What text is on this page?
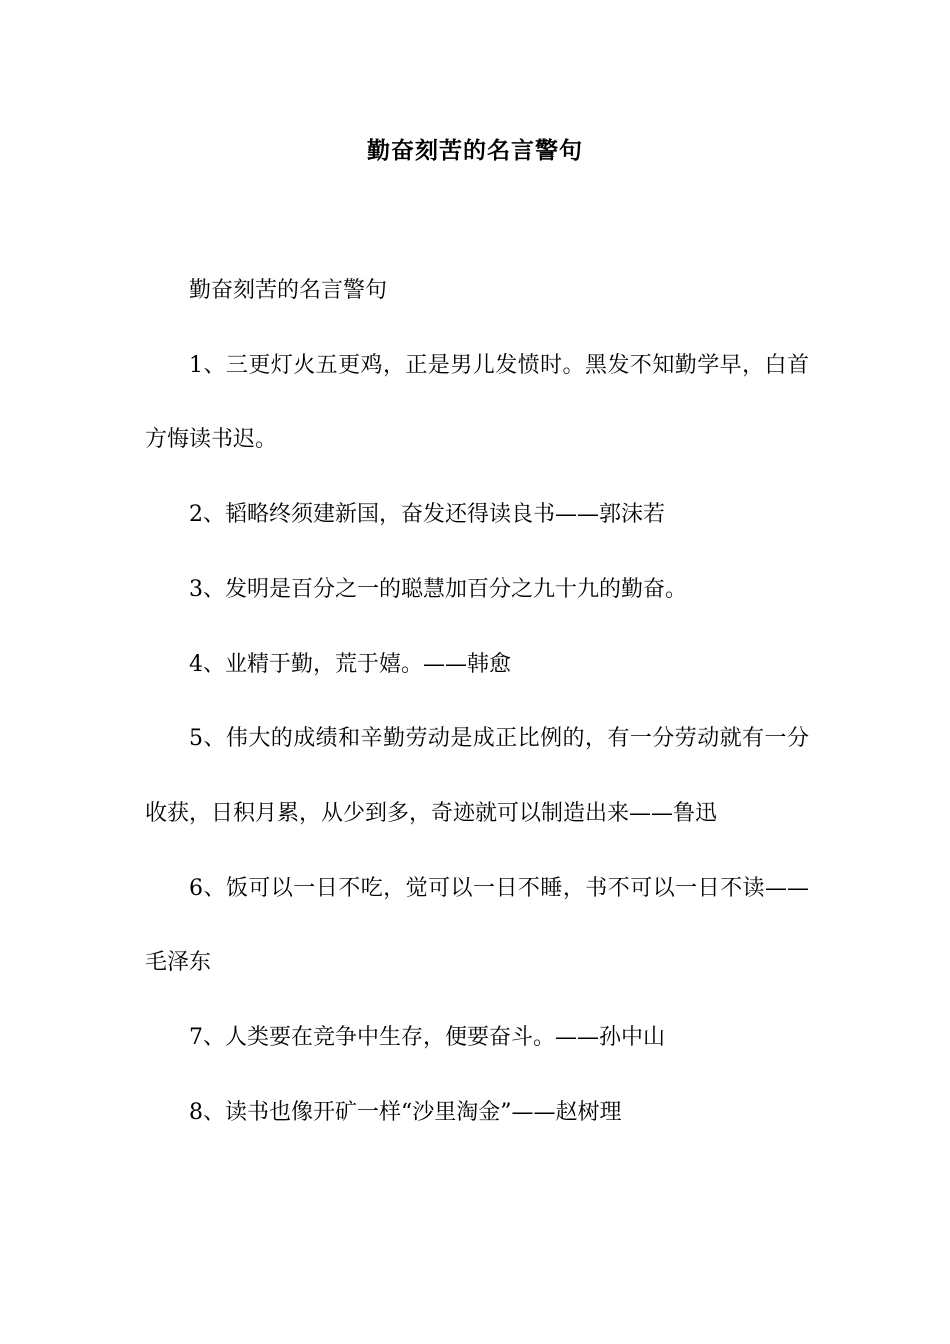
勤奋刻苦的名言警句

勤奋刻苦的名言警句

1、三更灯火五更鸡，正是男儿发愤时。黑发不知勤学早，白首方悔读书迟。

2、韬略终须建新国，奋发还得读良书——郭沫若

3、发明是百分之一的聪慧加百分之九十九的勤奋。

4、业精于勤，荒于嬉。——韩愈

5、伟大的成绩和辛勤劳动是成正比例的，有一分劳动就有一分收获，日积月累，从少到多，奇迹就可以制造出来——鲁迅

6、饭可以一日不吃，觉可以一日不睡，书不可以一日不读——毛泽东

7、人类要在竞争中生存，便要奋斗。——孙中山

8、读书也像开矿一样“沙里淘金”——赵树理
